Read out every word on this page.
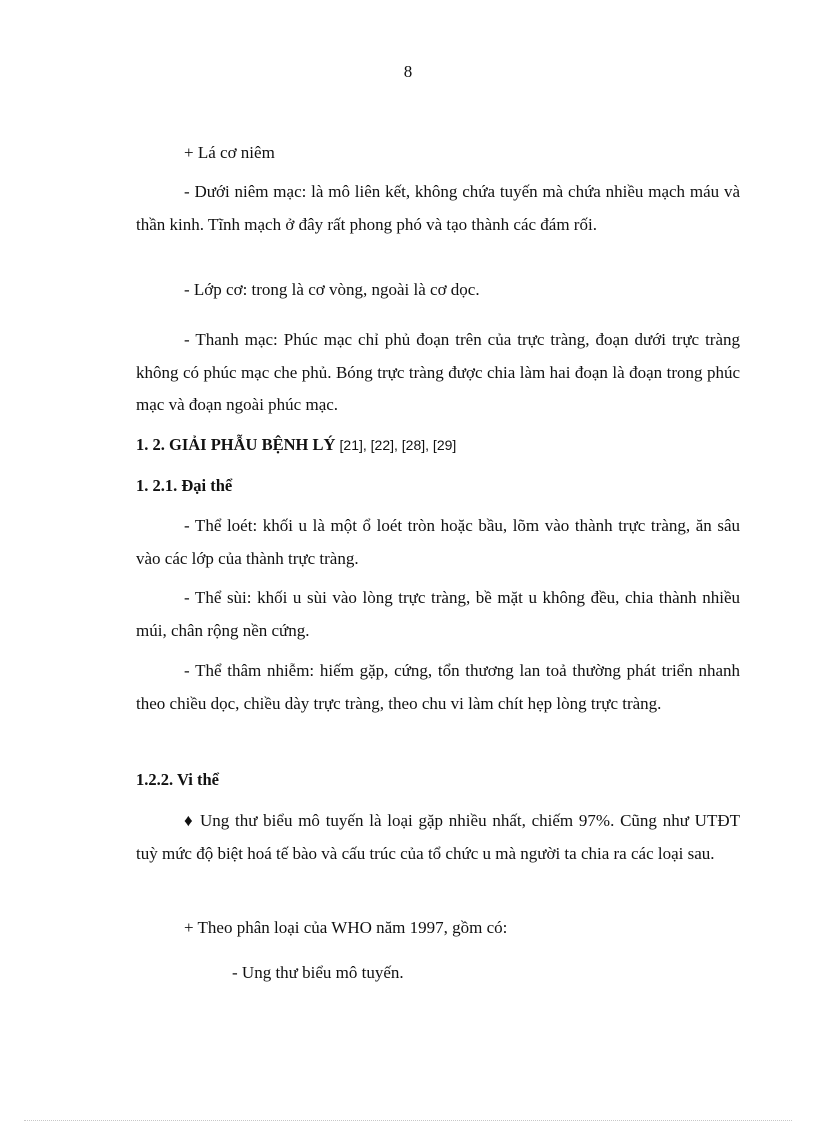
8
+ Lá cơ niêm

- Dưới niêm mạc: là mô liên kết, không chứa tuyến mà chứa nhiều mạch máu và thần kinh. Tĩnh mạch ở đây rất phong phó và tạo thành các đám rối.

- Lớp cơ: trong là cơ vòng, ngoài là cơ dọc.

- Thanh mạc: Phúc mạc chỉ phủ đoạn trên của trực tràng, đoạn dưới trực tràng không có phúc mạc che phủ. Bóng trực tràng được chia làm hai đoạn là đoạn trong phúc mạc và đoạn ngoài phúc mạc.

1. 2. GIẢI PHẪU BỆNH LÝ [21], [22], [28], [29]
1. 2.1. Đại thể

- Thể loét: khối u là một ổ loét tròn hoặc bầu, lõm vào thành trực tràng, ăn sâu vào các lớp của thành trực tràng.

- Thể sùi: khối u sùi vào lòng trực tràng, bề mặt u không đều, chia thành nhiều múi, chân rộng nền cứng.

- Thể thâm nhiễm: hiếm gặp, cứng, tổn thương lan toả thường phát triển nhanh theo chiều dọc, chiều dày trực tràng, theo chu vi làm chít hẹp lòng trực tràng.

1.2.2. Vi thể

♦ Ung thư biểu mô tuyến là loại gặp nhiều nhất, chiếm 97%. Cũng như UTĐT tuỳ mức độ biệt hoá tế bào và cấu trúc của tổ chức u mà người ta chia ra các loại sau.

+ Theo phân loại của WHO năm 1997, gồm có:
- Ung thư biểu mô tuyến.
